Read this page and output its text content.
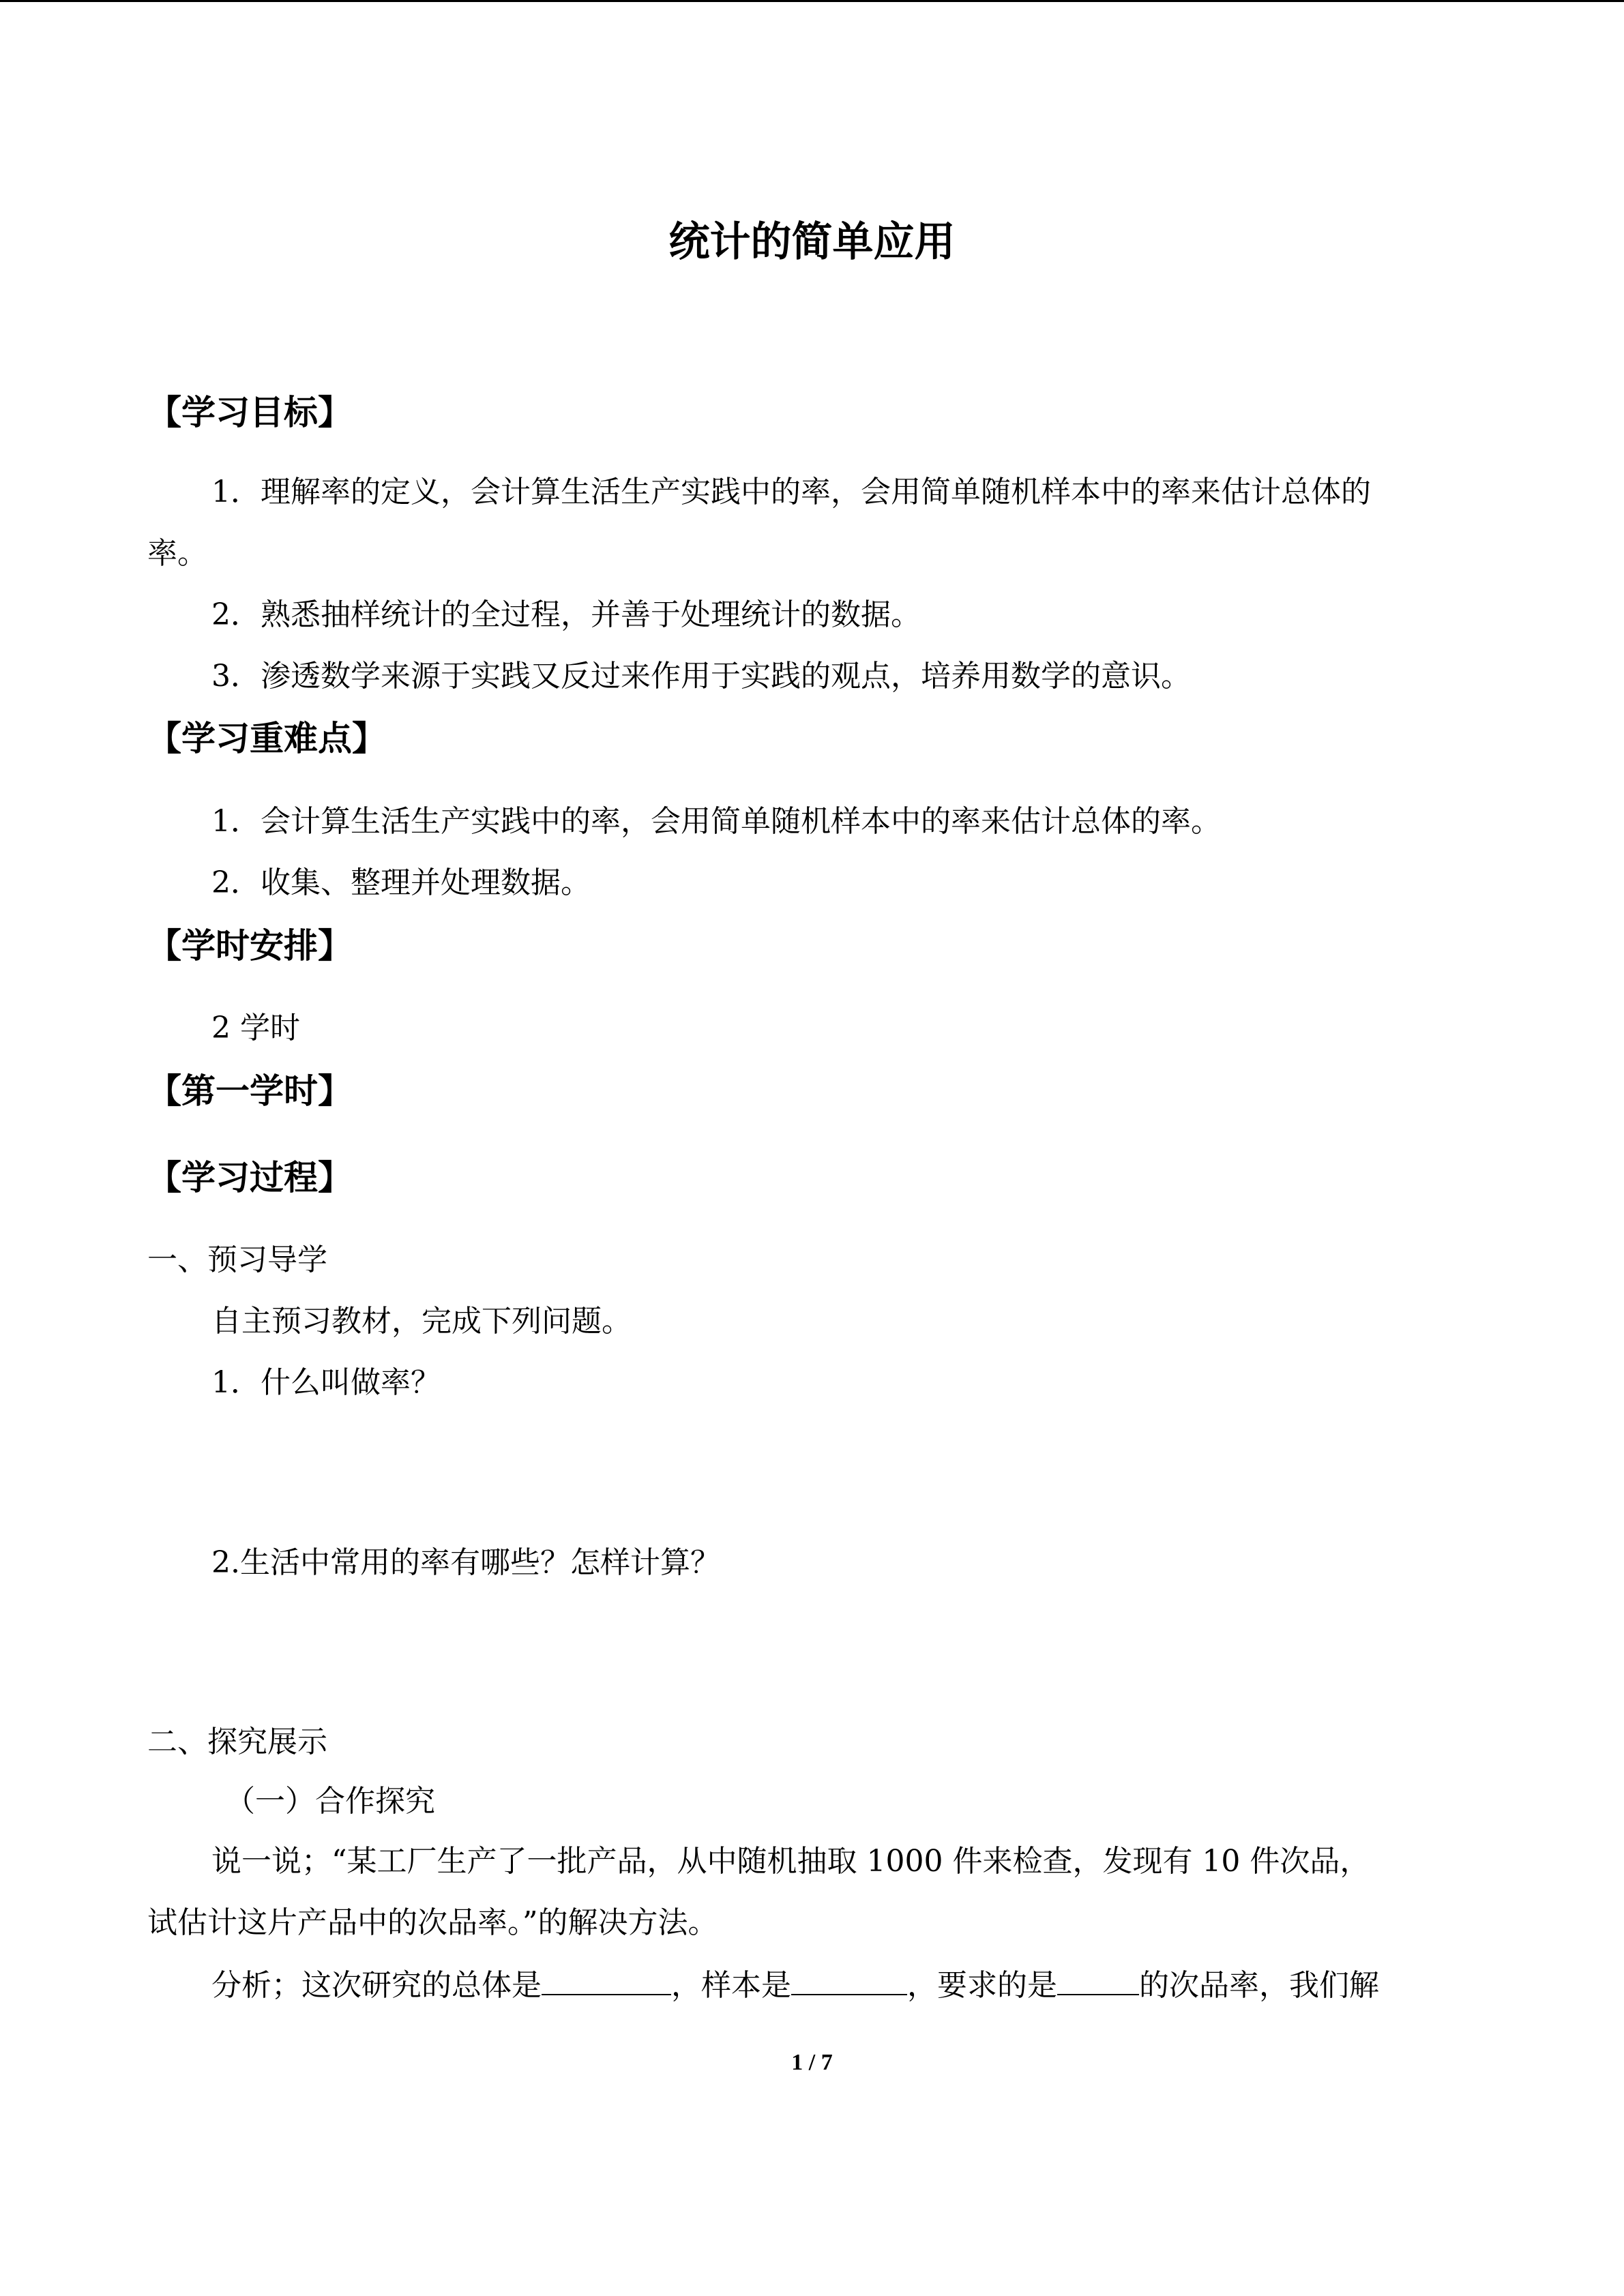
统计的简单应用
【学习目标】
1．理解率的定义，会计算生活生产实践中的率，会用简单随机样本中的率来估计总体的
率。
2．熟悉抽样统计的全过程，并善于处理统计的数据。
3．渗透数学来源于实践又反过来作用于实践的观点，培养用数学的意识。
【学习重难点】
1．会计算生活生产实践中的率，会用简单随机样本中的率来估计总体的率。
2．收集、整理并处理数据。
【学时安排】
2 学时
【第一学时】
【学习过程】
一、预习导学
自主预习教材，完成下列问题。
1．什么叫做率？
2.生活中常用的率有哪些？怎样计算？
二、探究展示
（一）合作探究
说一说；“某工厂生产了一批产品，从中随机抽取 1000 件来检查，发现有 10 件次品，
试估计这片产品中的次品率。”的解决方法。
分析；这次研究的总体是	，样本是	，要求的是	的次品率，我们解
1 / 7
